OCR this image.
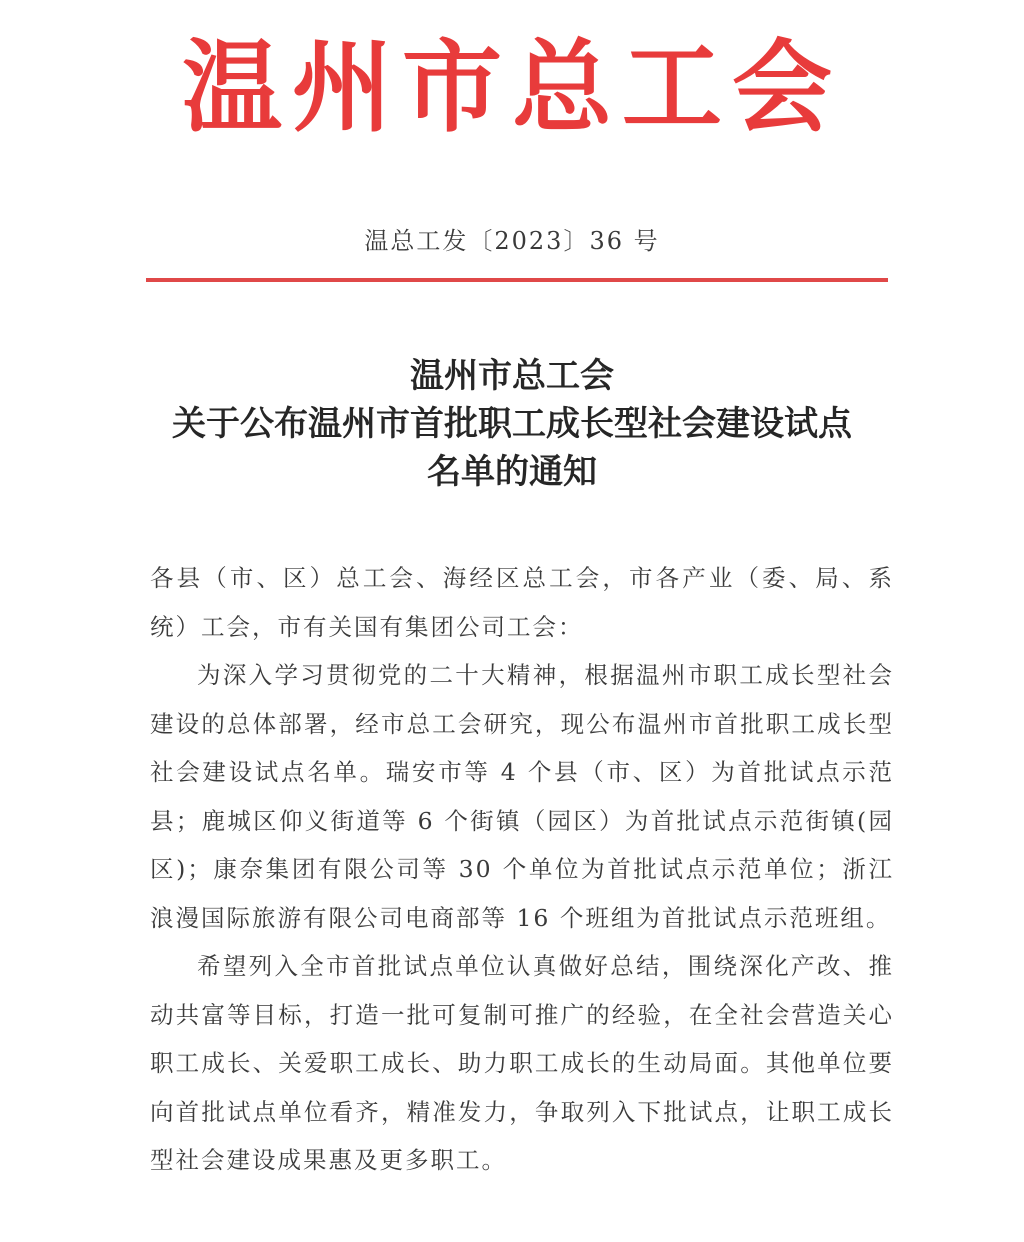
温州市总工会
温总工发〔2023〕36 号
温州市总工会
关于公布温州市首批职工成长型社会建设试点
名单的通知

各县（市、区）总工会、海经区总工会，市各产业（委、局、系统）工会，市有关国有集团公司工会：

为深入学习贯彻党的二十大精神，根据温州市职工成长型社会建设的总体部署，经市总工会研究，现公布温州市首批职工成长型社会建设试点名单。瑞安市等 4 个县（市、区）为首批试点示范县；鹿城区仰义街道等 6 个街镇（园区）为首批试点示范街镇(园区)；康奈集团有限公司等 30 个单位为首批试点示范单位；浙江浪漫国际旅游有限公司电商部等 16 个班组为首批试点示范班组。

希望列入全市首批试点单位认真做好总结，围绕深化产改、推动共富等目标，打造一批可复制可推广的经验，在全社会营造关心职工成长、关爱职工成长、助力职工成长的生动局面。其他单位要向首批试点单位看齐，精准发力，争取列入下批试点，让职工成长型社会建设成果惠及更多职工。
